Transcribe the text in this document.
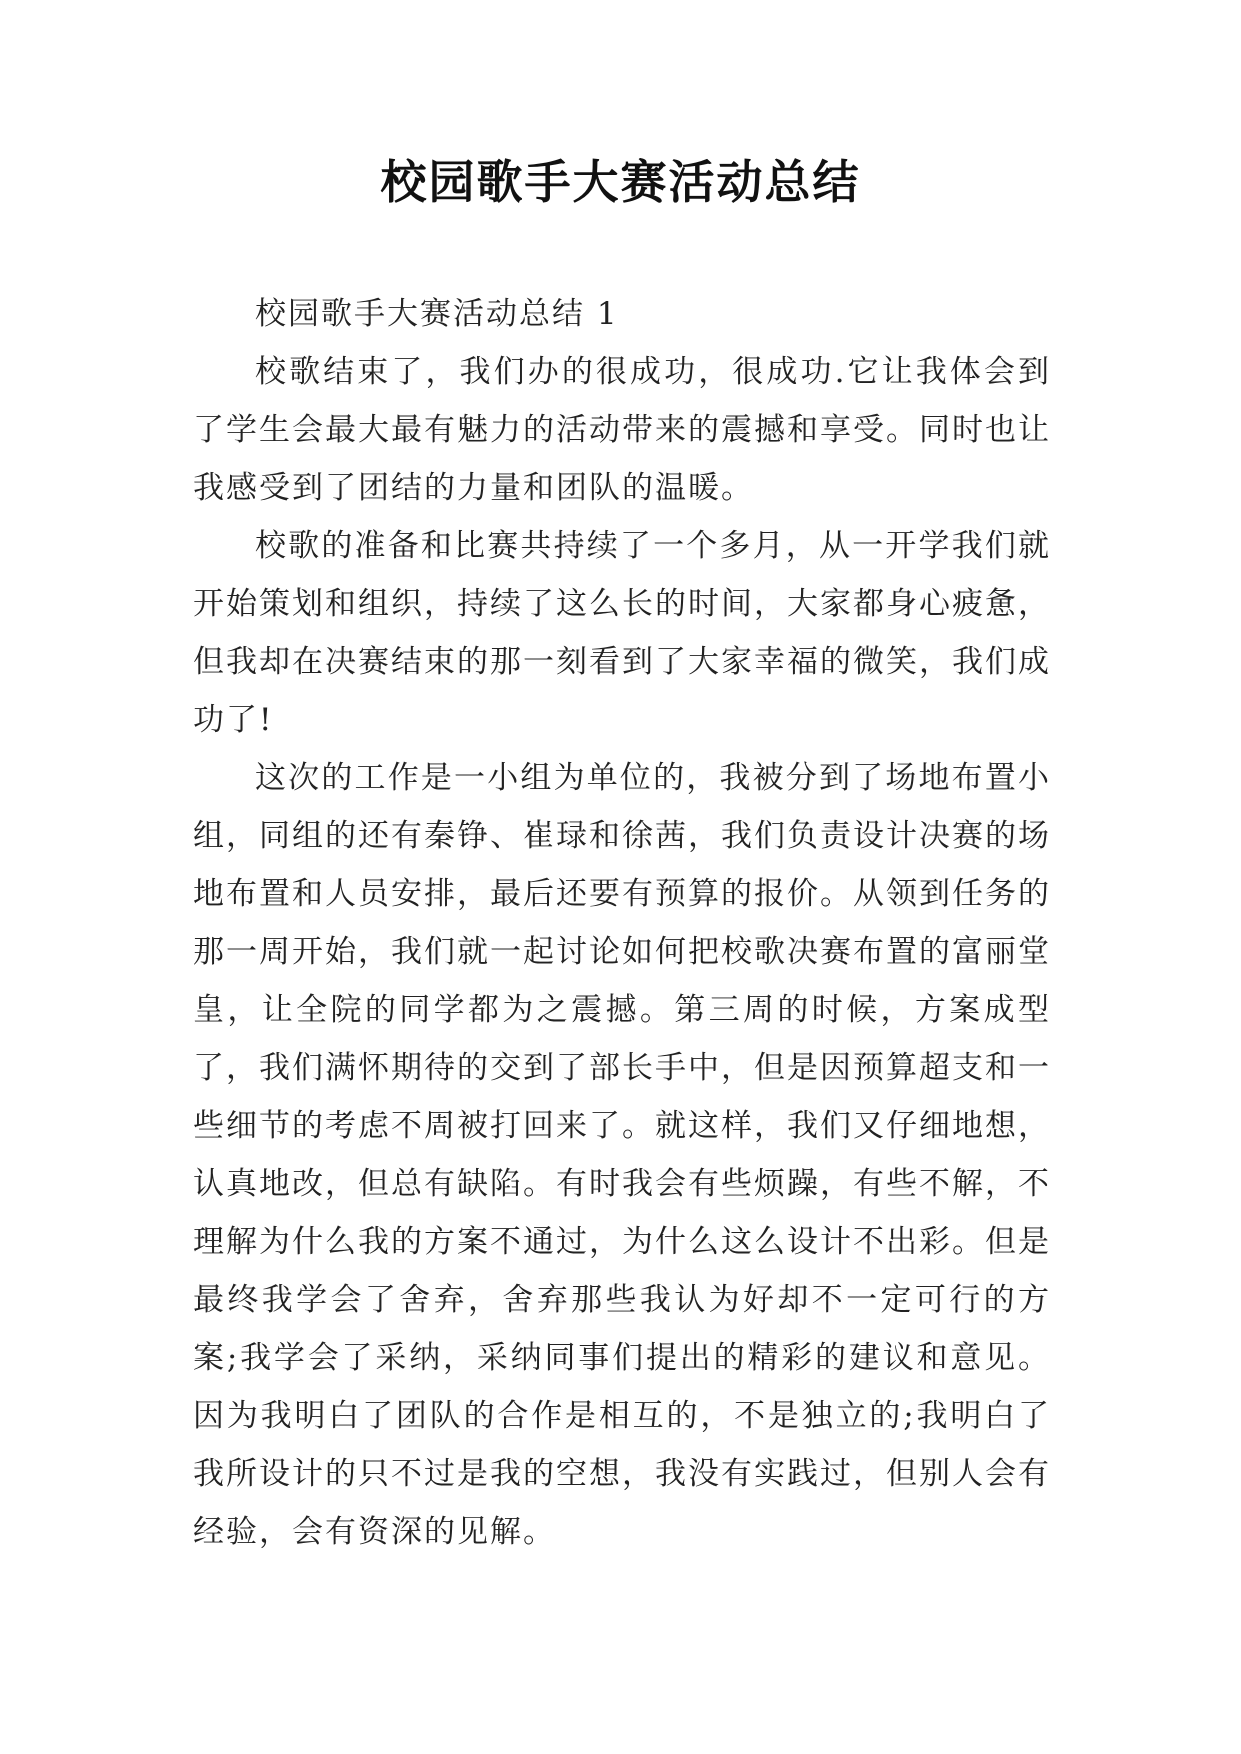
校园歌手大赛活动总结

校园歌手大赛活动总结 1

校歌结束了，我们办的很成功，很成功.它让我体会到了学生会最大最有魅力的活动带来的震撼和享受。同时也让我感受到了团结的力量和团队的温暖。

校歌的准备和比赛共持续了一个多月，从一开学我们就开始策划和组织，持续了这么长的时间，大家都身心疲惫，但我却在决赛结束的那一刻看到了大家幸福的微笑，我们成功了!

这次的工作是一小组为单位的，我被分到了场地布置小组，同组的还有秦铮、崔琭和徐茜，我们负责设计决赛的场地布置和人员安排，最后还要有预算的报价。从领到任务的那一周开始，我们就一起讨论如何把校歌决赛布置的富丽堂皇，让全院的同学都为之震撼。第三周的时候，方案成型了，我们满怀期待的交到了部长手中，但是因预算超支和一些细节的考虑不周被打回来了。就这样，我们又仔细地想，认真地改，但总有缺陷。有时我会有些烦躁，有些不解，不理解为什么我的方案不通过，为什么这么设计不出彩。但是最终我学会了舍弃，舍弃那些我认为好却不一定可行的方案;我学会了采纳，采纳同事们提出的精彩的建议和意见。因为我明白了团队的合作是相互的，不是独立的;我明白了我所设计的只不过是我的空想，我没有实践过，但别人会有经验，会有资深的见解。
